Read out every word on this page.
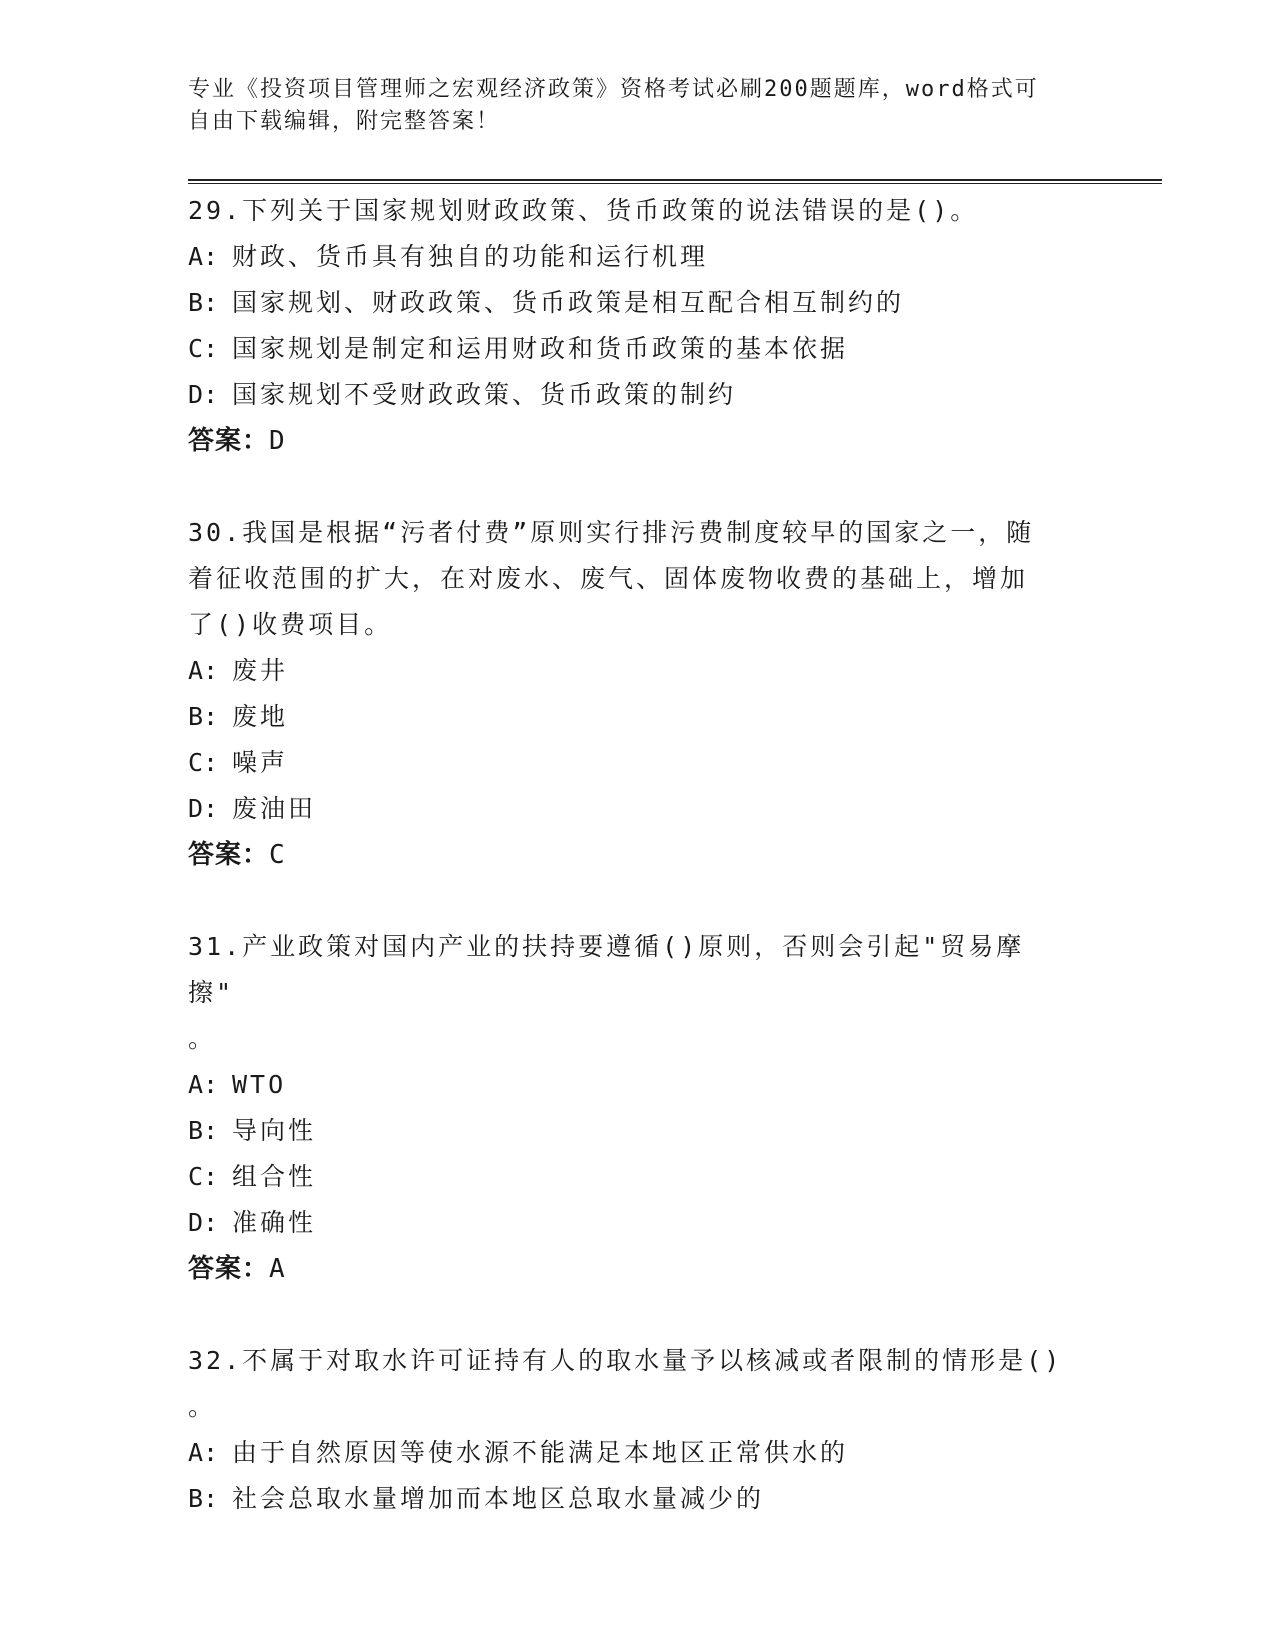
专业《投资项目管理师之宏观经济政策》资格考试必刷200题题库，word格式可
自由下载编辑，附完整答案！

29.下列关于国家规划财政政策、货币政策的说法错误的是()。

A: 财政、货币具有独自的功能和运行机理
B: 国家规划、财政政策、货币政策是相互配合相互制约的
C: 国家规划是制定和运用财政和货币政策的基本依据
D: 国家规划不受财政政策、货币政策的制约

答案：D

30.我国是根据“污者付费”原则实行排污费制度较早的国家之一，随
着征收范围的扩大，在对废水、废气、固体废物收费的基础上，增加
了()收费项目。

A: 废井
B: 废地
C: 噪声
D: 废油田

答案：C

31.产业政策对国内产业的扶持要遵循()原则，否则会引起"贸易摩擦"
。

A: WTO
B: 导向性
C: 组合性
D: 准确性

答案：A

32.不属于对取水许可证持有人的取水量予以核减或者限制的情形是()
。

A: 由于自然原因等使水源不能满足本地区正常供水的
B: 社会总取水量增加而本地区总取水量减少的
